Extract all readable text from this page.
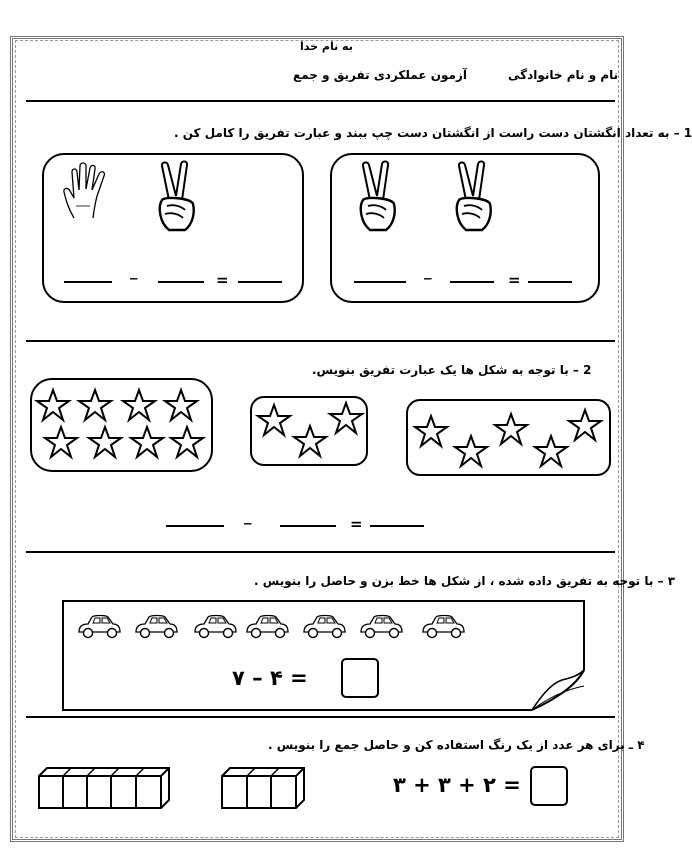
به نام خدا
آزمون عملکردی تفریق و جمع	نام و نام خانوادگی
1 – به تعداد انگشتان دست راست از انگشتان دست چپ ببند و عبارت تفریق را کامل کن .
_	=	_	=
2 – با توجه به شکل ها یک عبارت تفریق بنویس.
_	=
۳ – با توجه به تفریق داده شده ، از شکل ها خط بزن و حاصل را بنویس .
۷ – ۴ =
۴ ـ برای هر عدد از یک رنگ استفاده کن و حاصل جمع را بنویس .
۳ + ۳ + ۲ =
